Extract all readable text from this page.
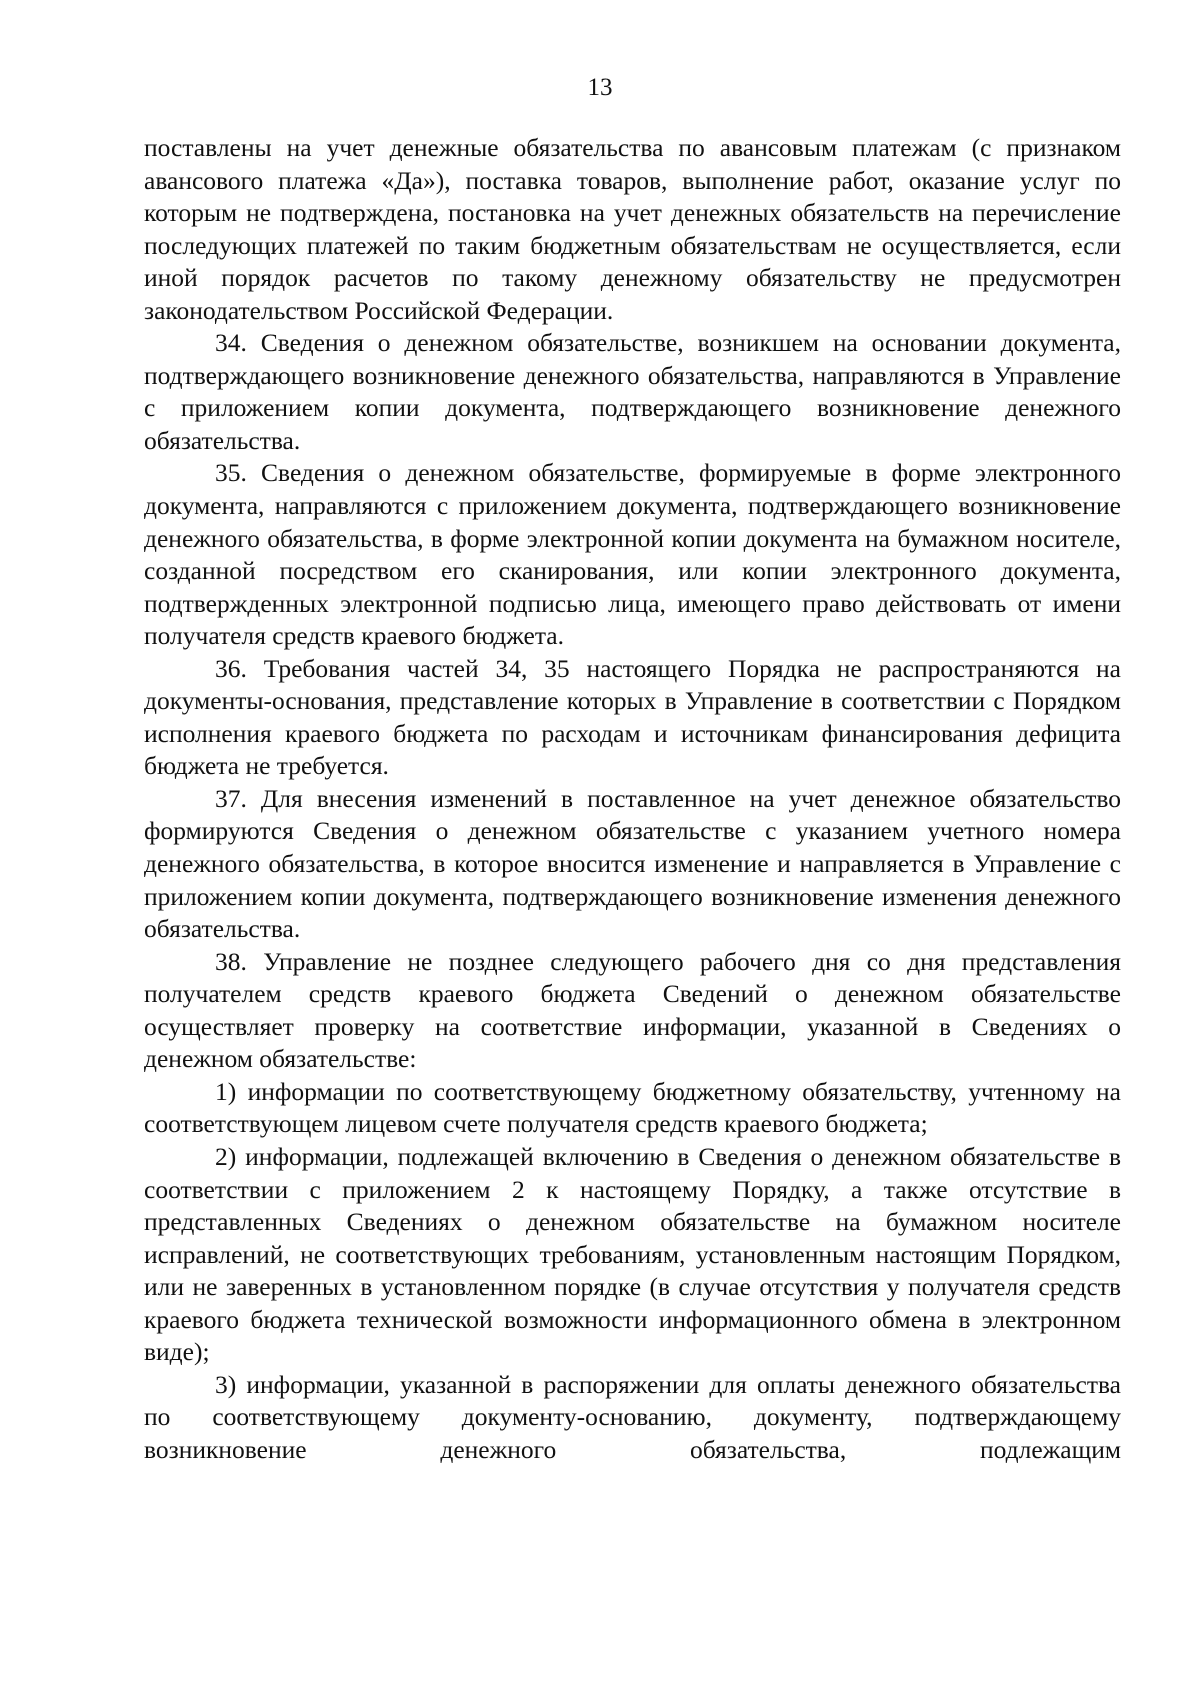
13

поставлены на учет денежные обязательства по авансовым платежам (с признаком авансового платежа «Да»), поставка товаров, выполнение работ, оказание услуг по которым не подтверждена, постановка на учет денежных обязательств на перечисление последующих платежей по таким бюджетным обязательствам не осуществляется, если иной порядок расчетов по такому денежному обязательству не предусмотрен законодательством Российской Федерации.

34. Сведения о денежном обязательстве, возникшем на основании документа, подтверждающего возникновение денежного обязательства, направляются в Управление с приложением копии документа, подтверждающего возникновение денежного обязательства.

35. Сведения о денежном обязательстве, формируемые в форме электронного документа, направляются с приложением документа, подтверждающего возникновение денежного обязательства, в форме электронной копии документа на бумажном носителе, созданной посредством его сканирования, или копии электронного документа, подтвержденных электронной подписью лица, имеющего право действовать от имени получателя средств краевого бюджета.

36. Требования частей 34, 35 настоящего Порядка не распространяются на документы-основания, представление которых в Управление в соответствии с Порядком исполнения краевого бюджета по расходам и источникам финансирования дефицита бюджета не требуется.

37. Для внесения изменений в поставленное на учет денежное обязательство формируются Сведения о денежном обязательстве с указанием учетного номера денежного обязательства, в которое вносится изменение и направляется в Управление с приложением копии документа, подтверждающего возникновение изменения денежного обязательства.

38. Управление не позднее следующего рабочего дня со дня представления получателем средств краевого бюджета Сведений о денежном обязательстве осуществляет проверку на соответствие информации, указанной в Сведениях о денежном обязательстве:

1) информации по соответствующему бюджетному обязательству, учтенному на соответствующем лицевом счете получателя средств краевого бюджета;

2) информации, подлежащей включению в Сведения о денежном обязательстве в соответствии с приложением 2 к настоящему Порядку, а также отсутствие в представленных Сведениях о денежном обязательстве на бумажном носителе исправлений, не соответствующих требованиям, установленным настоящим Порядком, или не заверенных в установленном порядке (в случае отсутствия у получателя средств краевого бюджета технической возможности информационного обмена в электронном виде);

3) информации, указанной в распоряжении для оплаты денежного обязательства по соответствующему документу-основанию, документу, подтверждающему возникновение денежного обязательства, подлежащим
